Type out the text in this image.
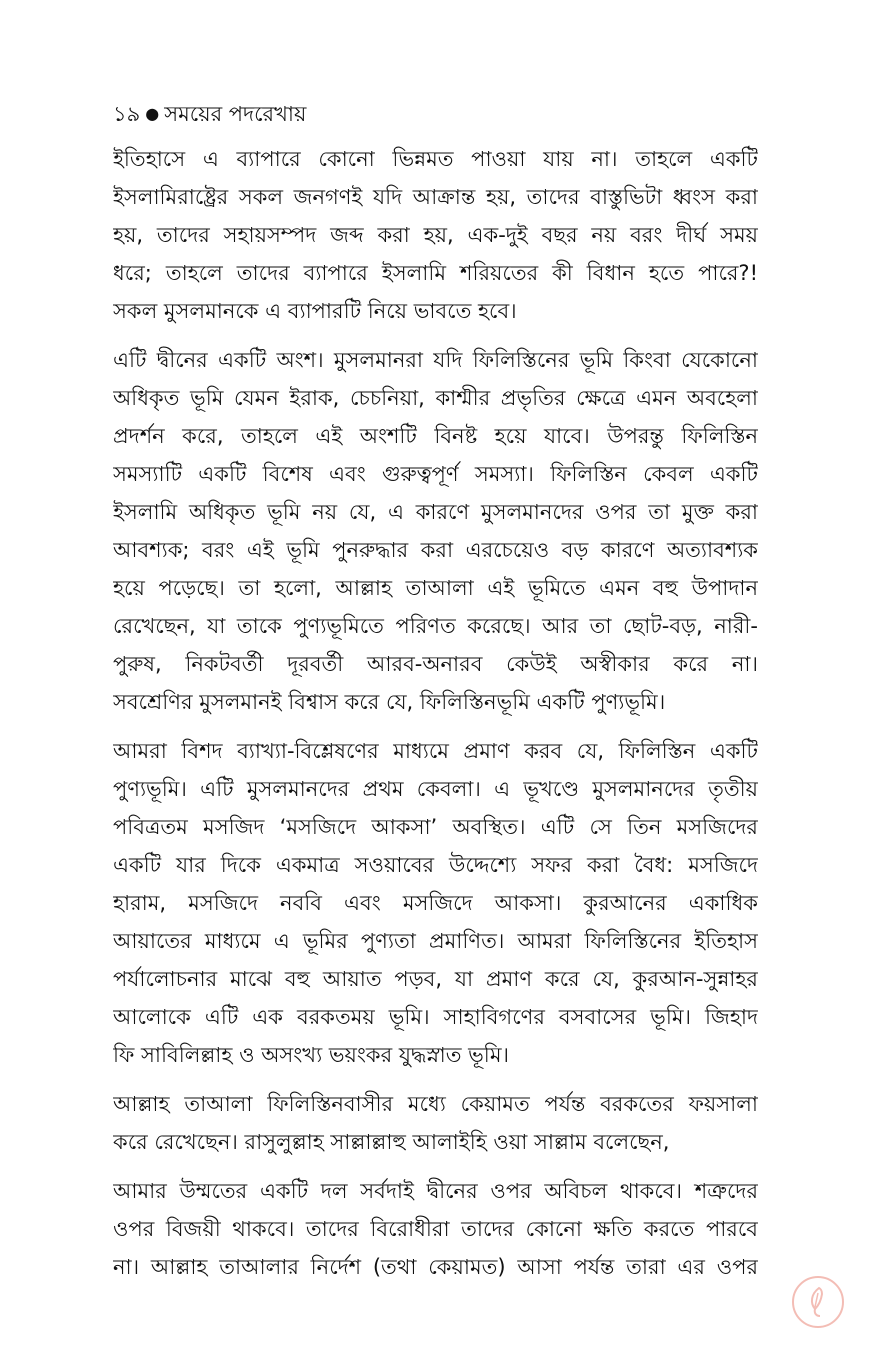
১৯ ● সময়ের পদরেখায়
ইতিহাসে এ ব্যাপারে কোনো ভিন্নমত পাওয়া যায় না। তাহলে একটি
ইসলামিরাষ্ট্রের সকল জনগণই যদি আক্রান্ত হয়, তাদের বাস্তুভিটা ধ্বংস করা
হয়, তাদের সহায়সম্পদ জব্দ করা হয়, এক-দুই বছর নয় বরং দীর্ঘ সময়
ধরে; তাহলে তাদের ব্যাপারে ইসলামি শরিয়তের কী বিধান হতে পারে?!
সকল মুসলমানকে এ ব্যাপারটি নিয়ে ভাবতে হবে।
এটি দ্বীনের একটি অংশ। মুসলমানরা যদি ফিলিস্তিনের ভূমি কিংবা যেকোনো
অধিকৃত ভূমি যেমন ইরাক, চেচনিয়া, কাশ্মীর প্রভৃতির ক্ষেত্রে এমন অবহেলা
প্রদর্শন করে, তাহলে এই অংশটি বিনষ্ট হয়ে যাবে। উপরন্তু ফিলিস্তিন
সমস্যাটি একটি বিশেষ এবং গুরুত্বপূর্ণ সমস্যা। ফিলিস্তিন কেবল একটি
ইসলামি অধিকৃত ভূমি নয় যে, এ কারণে মুসলমানদের ওপর তা মুক্ত করা
আবশ্যক; বরং এই ভূমি পুনরুদ্ধার করা এরচেয়েও বড় কারণে অত্যাবশ্যক
হয়ে পড়েছে। তা হলো, আল্লাহ তাআলা এই ভূমিতে এমন বহু উপাদান
রেখেছেন, যা তাকে পুণ্যভূমিতে পরিণত করেছে। আর তা ছোট-বড়, নারী-
পুরুষ, নিকটবর্তী দূরবর্তী আরব-অনারব কেউই অস্বীকার করে না।
সবশ্রেণির মুসলমানই বিশ্বাস করে যে, ফিলিস্তিনভূমি একটি পুণ্যভূমি।
আমরা বিশদ ব্যাখ্যা-বিশ্লেষণের মাধ্যমে প্রমাণ করব যে, ফিলিস্তিন একটি
পুণ্যভূমি। এটি মুসলমানদের প্রথম কেবলা। এ ভূখণ্ডে মুসলমানদের তৃতীয়
পবিত্রতম মসজিদ ‘মসজিদে আকসা’ অবস্থিত। এটি সে তিন মসজিদের
একটি যার দিকে একমাত্র সওয়াবের উদ্দেশ্যে সফর করা বৈধ: মসজিদে
হারাম, মসজিদে নববি এবং মসজিদে আকসা। কুরআনের একাধিক
আয়াতের মাধ্যমে এ ভূমির পুণ্যতা প্রমাণিত। আমরা ফিলিস্তিনের ইতিহাস
পর্যালোচনার মাঝে বহু আয়াত পড়ব, যা প্রমাণ করে যে, কুরআন-সুন্নাহর
আলোকে এটি এক বরকতময় ভূমি। সাহাবিগণের বসবাসের ভূমি। জিহাদ
ফি সাবিলিল্লাহ ও অসংখ্য ভয়ংকর যুদ্ধস্নাত ভূমি।
আল্লাহ তাআলা ফিলিস্তিনবাসীর মধ্যে কেয়ামত পর্যন্ত বরকতের ফয়সালা
করে রেখেছেন। রাসুলুল্লাহ সাল্লাল্লাহু আলাইহি ওয়া সাল্লাম বলেছেন,
আমার উম্মতের একটি দল সর্বদাই দ্বীনের ওপর অবিচল থাকবে। শত্রুদের
ওপর বিজয়ী থাকবে। তাদের বিরোধীরা তাদের কোনো ক্ষতি করতে পারবে
না। আল্লাহ তাআলার নির্দেশ (তথা কেয়ামত) আসা পর্যন্ত তারা এর ওপর
